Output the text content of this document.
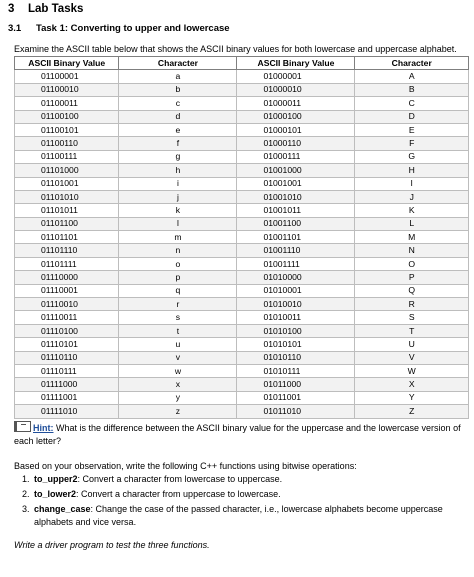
3 Lab Tasks
3.1 Task 1: Converting to upper and lowercase
Examine the ASCII table below that shows the ASCII binary values for both lowercase and uppercase alphabet.
ASCII Binary Value	Character	ASCII Binary Value	Character
01100001	a	01000001	A
01100010	b	01000010	B
01100011	c	01000011	C
01100100	d	01000100	D
01100101	e	01000101	E
01100110	f	01000110	F
01100111	g	01000111	G
01101000	h	01001000	H
01101001	i	01001001	I
01101010	j	01001010	J
01101011	k	01001011	K
01101100	l	01001100	L
01101101	m	01001101	M
01101110	n	01001110	N
01101111	o	01001111	O
01110000	p	01010000	P
01110001	q	01010001	Q
01110010	r	01010010	R
01110011	s	01010011	S
01110100	t	01010100	T
01110101	u	01010101	U
01110110	v	01010110	V
01110111	w	01010111	W
01111000	x	01011000	X
01111001	y	01011001	Y
01111010	z	01011010	Z
Hint: What is the difference between the ASCII binary value for the uppercase and the lowercase version of each letter?
Based on your observation, write the following C++ functions using bitwise operations:
1. to_upper2: Convert a character from lowercase to uppercase.
2. to_lower2: Convert a character from uppercase to lowercase.
3. change_case: Change the case of the passed character, i.e., lowercase alphabets become uppercase alphabets and vice versa.
Write a driver program to test the three functions.
